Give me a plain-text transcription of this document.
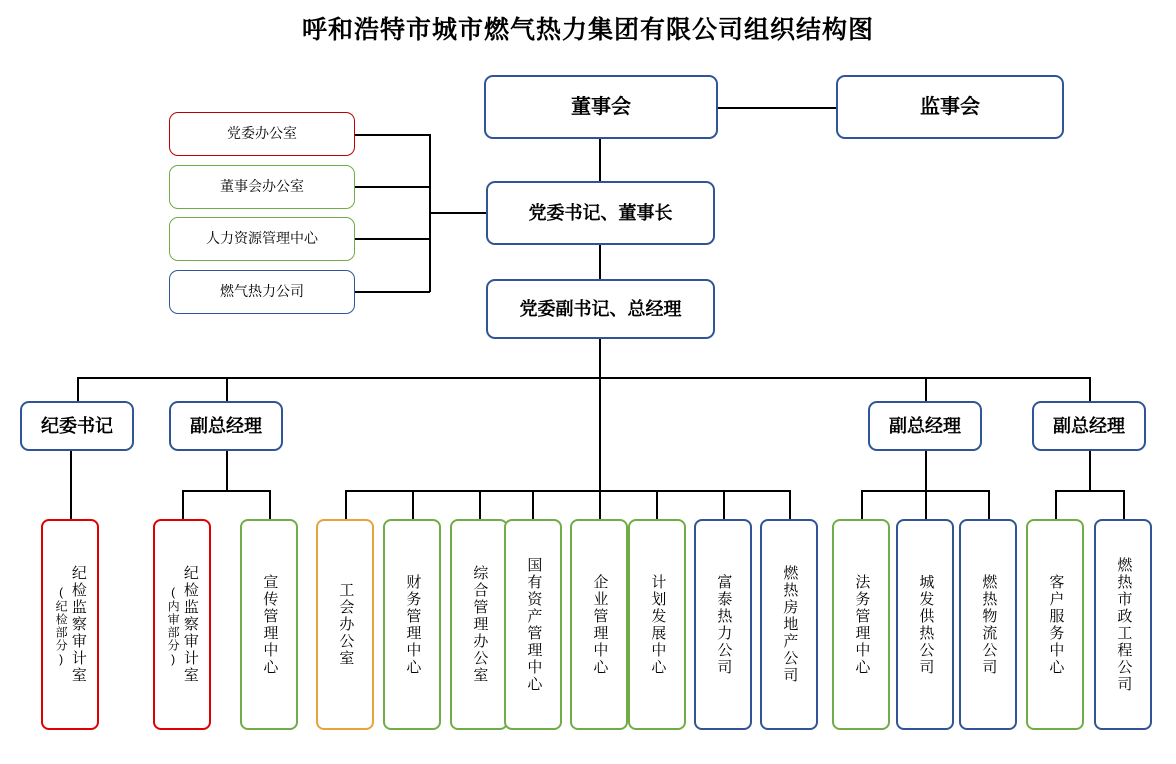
呼和浩特市城市燃气热力集团有限公司组织结构图
董事会	监事会
党委书记、董事长
党委副书记、总经理
党委办公室
董事会办公室
人力资源管理中心
燃气热力公司
纪委书记	副总经理	副总经理	副总经理
纪检监察审计室
(纪检部分)	纪检监察审计室
(内审部分)	宣传管理中心	工会办公室	财务管理中心	综合管理办公室 国有资产管理中心	企业管理中心	计划发展中心	富泰热力公司	燃热房地产公司	法务管理中心	城发供热公司	燃热物流公司	客户服务中心	燃热市政工程公司
